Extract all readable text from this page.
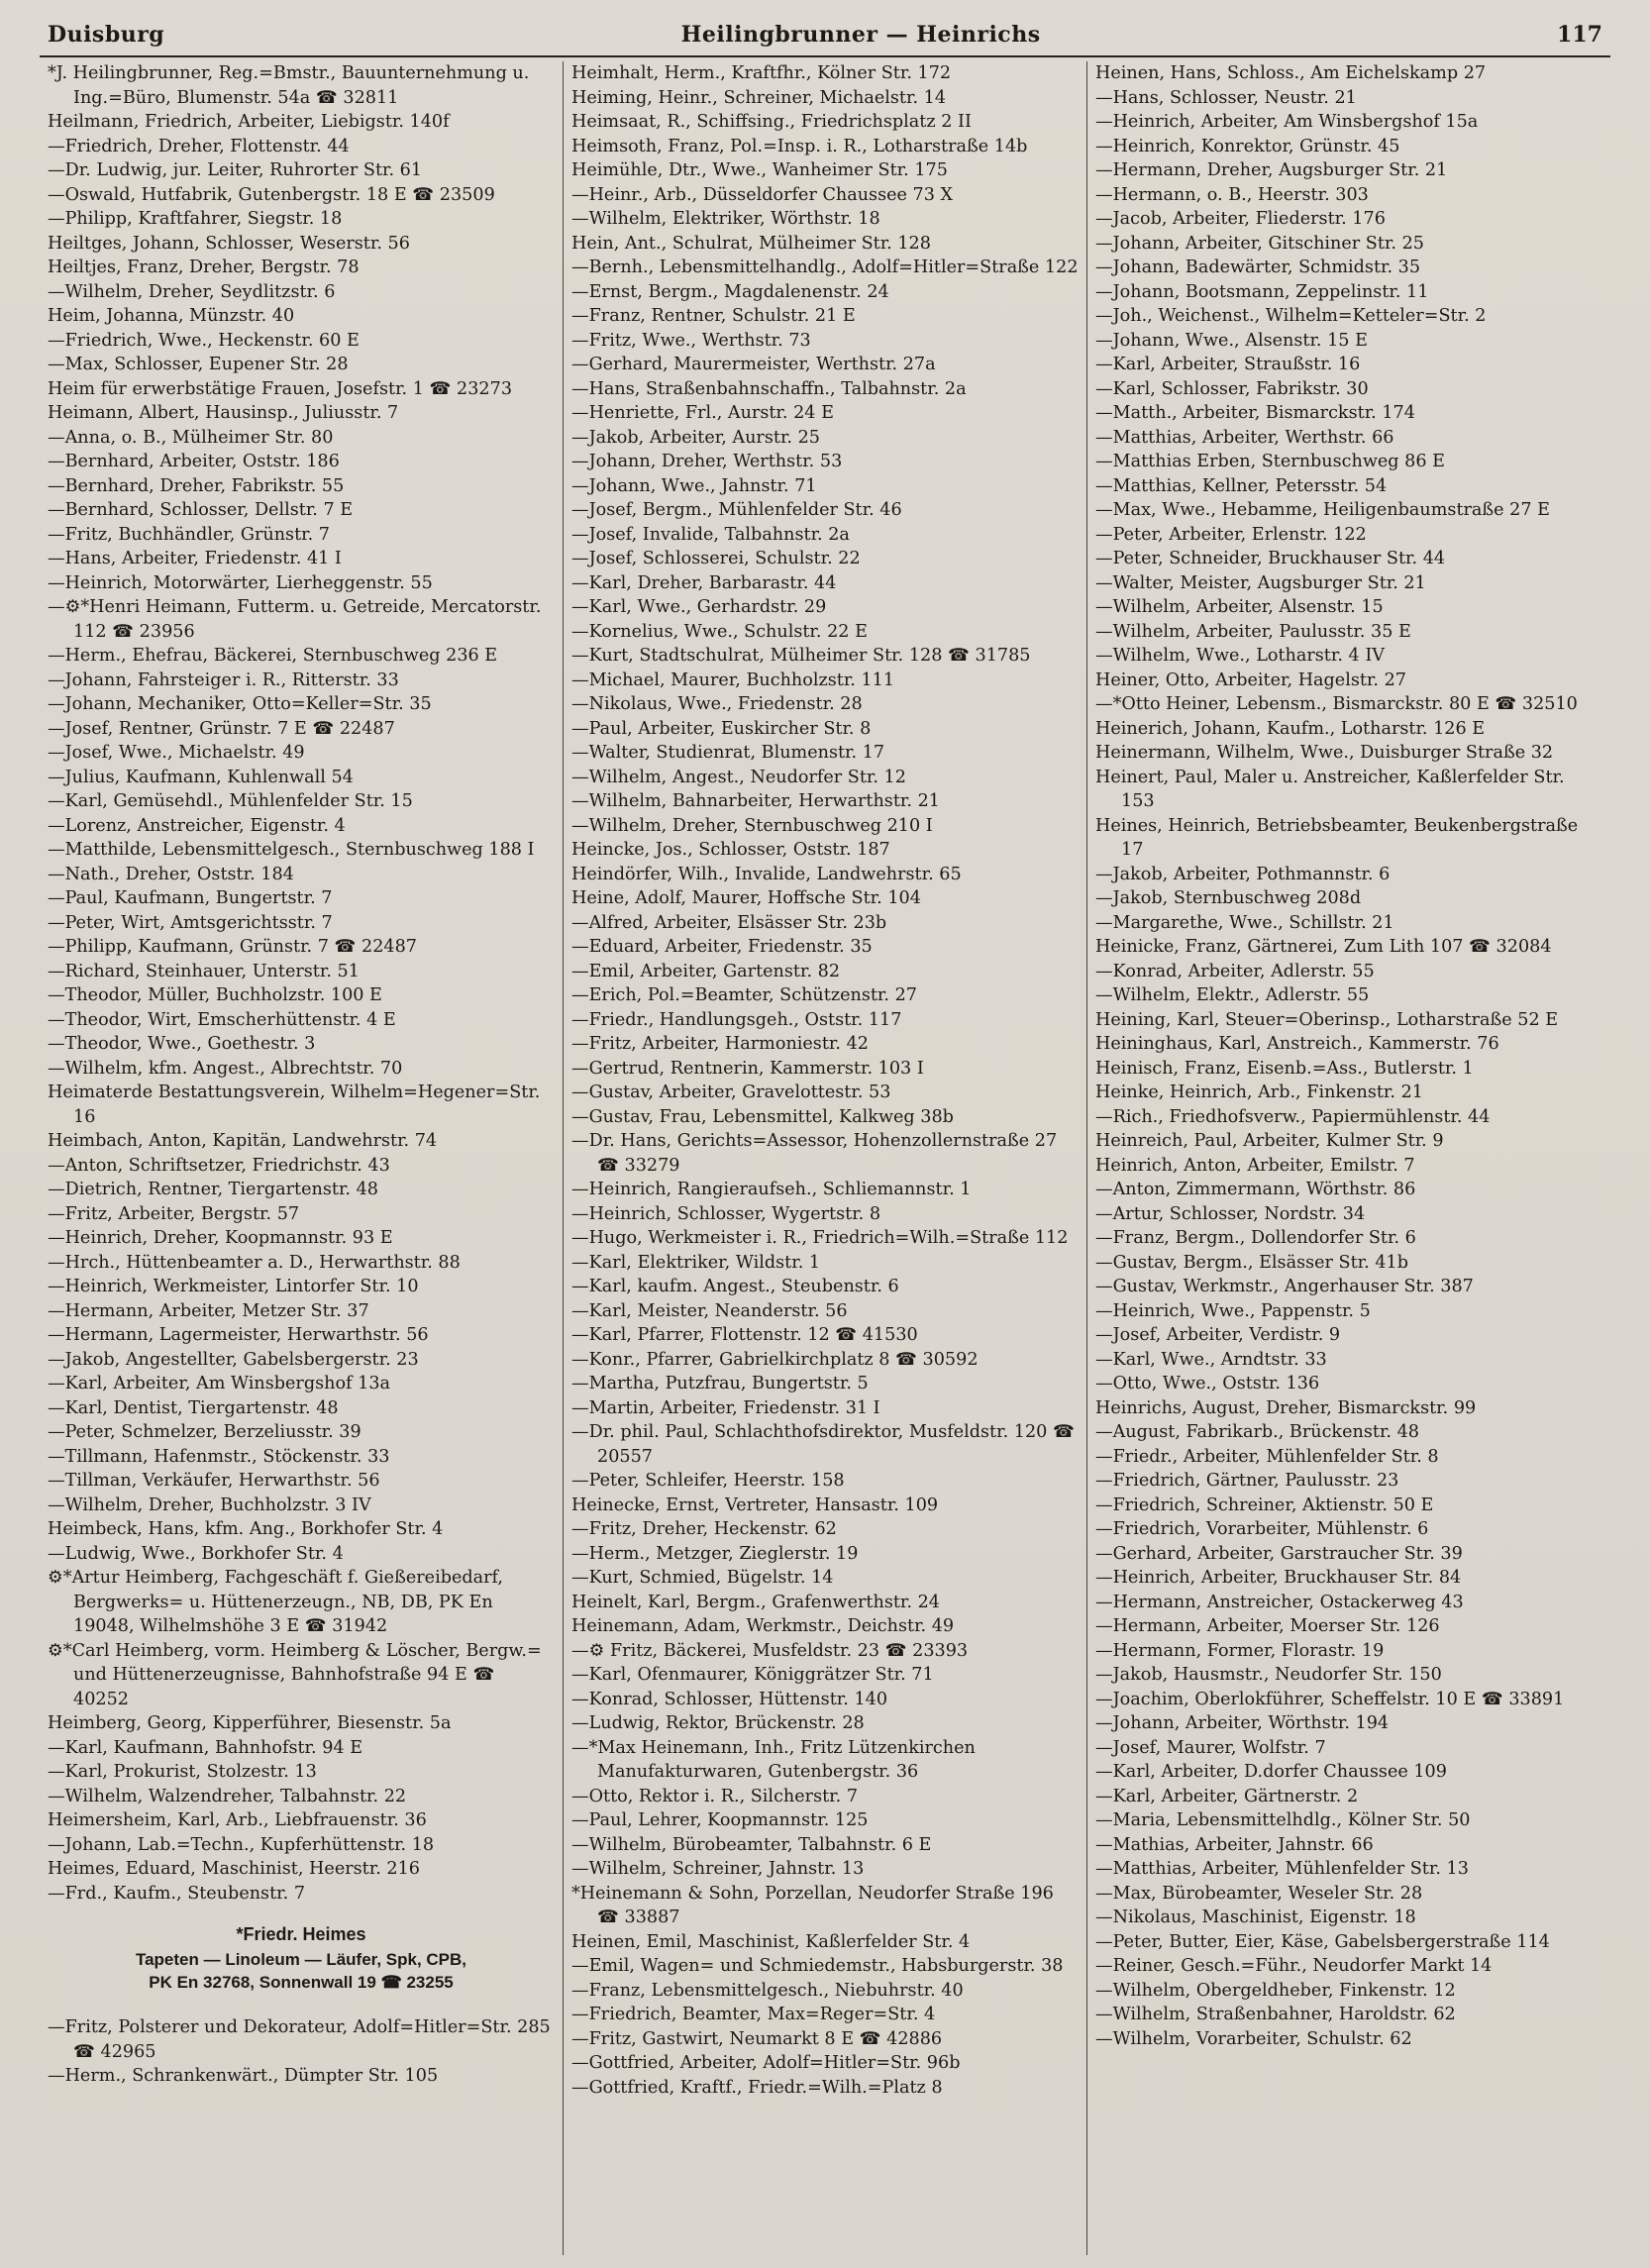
Duisburg	Heilingbrunner — Heinrichs	117
*J. Heilingbrunner, Reg.=Bmstr., Bauunternehmung u. Ing.=Büro, Blumenstr. 54a ☎ 32811
Heilmann, Friedrich, Arbeiter, Liebigstr. 140f
—Friedrich, Dreher, Flottenstr. 44
—Dr. Ludwig, jur. Leiter, Ruhrorter Str. 61
—Oswald, Hutfabrik, Gutenbergstr. 18 E ☎ 23509
—Philipp, Kraftfahrer, Siegstr. 18
Heiltges, Johann, Schlosser, Weserstr. 56
Heiltjes, Franz, Dreher, Bergstr. 78
—Wilhelm, Dreher, Seydlitzstr. 6
Heim, Johanna, Münzstr. 40
—Friedrich, Wwe., Heckenstr. 60 E
—Max, Schlosser, Eupener Str. 28
Heim für erwerbstätige Frauen, Josefstr. 1 ☎ 23273
Heimann, Albert, Hausinsp., Juliusstr. 7
—Anna, o. B., Mülheimer Str. 80
—Bernhard, Arbeiter, Oststr. 186
—Bernhard, Dreher, Fabrikstr. 55
—Bernhard, Schlosser, Dellstr. 7 E
—Fritz, Buchhändler, Grünstr. 7
—Hans, Arbeiter, Friedenstr. 41 I
—Heinrich, Motorwärter, Lierheggenstr. 55
—⚙*Henri Heimann, Futterm. u. Getreide, Mercatorstr. 112 ☎ 23956
—Herm., Ehefrau, Bäckerei, Sternbuschweg 236 E
—Johann, Fahrsteiger i. R., Ritterstr. 33
—Johann, Mechaniker, Otto=Keller=Str. 35
—Josef, Rentner, Grünstr. 7 E ☎ 22487
—Josef, Wwe., Michaelstr. 49
—Julius, Kaufmann, Kuhlenwall 54
—Karl, Gemüsehdl., Mühlenfelder Str. 15
—Lorenz, Anstreicher, Eigenstr. 4
—Matthilde, Lebensmittelgesch., Sternbuschweg 188 I
—Nath., Dreher, Oststr. 184
—Paul, Kaufmann, Bungertstr. 7
—Peter, Wirt, Amtsgerichtsstr. 7
—Philipp, Kaufmann, Grünstr. 7 ☎ 22487
—Richard, Steinhauer, Unterstr. 51
—Theodor, Müller, Buchholzstr. 100 E
—Theodor, Wirt, Emscherhüttenstr. 4 E
—Theodor, Wwe., Goethestr. 3
—Wilhelm, kfm. Angest., Albrechtstr. 70
Heimaterde Bestattungsverein, Wilhelm=Hegener=Str. 16
Heimbach, Anton, Kapitän, Landwehrstr. 74
—Anton, Schriftsetzer, Friedrichstr. 43
—Dietrich, Rentner, Tiergartenstr. 48
—Fritz, Arbeiter, Bergstr. 57
—Heinrich, Dreher, Koopmannstr. 93 E
—Hrch., Hüttenbeamter a. D., Herwarthstr. 88
—Heinrich, Werkmeister, Lintorfer Str. 10
—Hermann, Arbeiter, Metzer Str. 37
—Hermann, Lagermeister, Herwarthstr. 56
—Jakob, Angestellter, Gabelsbergerstr. 23
—Karl, Arbeiter, Am Winsbergshof 13a
—Karl, Dentist, Tiergartenstr. 48
—Peter, Schmelzer, Berzeliusstr. 39
—Tillmann, Hafenmstr., Stöckenstr. 33
—Tillman, Verkäufer, Herwarthstr. 56
—Wilhelm, Dreher, Buchholzstr. 3 IV
Heimbeck, Hans, kfm. Ang., Borkhofer Str. 4
—Ludwig, Wwe., Borkhofer Str. 4
⚙*Artur Heimberg, Fachgeschäft f. Gießereibedarf, Bergwerks= u. Hüttenerzeugn., NB, DB, PK En 19048, Wilhelmshöhe 3 E ☎ 31942
⚙*Carl Heimberg, vorm. Heimberg & Löscher, Bergw.= und Hüttenerzeugnisse, Bahnhofstraße 94 E ☎ 40252
Heimberg, Georg, Kipperführer, Biesenstr. 5a
—Karl, Kaufmann, Bahnhofstr. 94 E
—Karl, Prokurist, Stolzestr. 13
—Wilhelm, Walzendreher, Talbahnstr. 22
Heimersheim, Karl, Arb., Liebfrauenstr. 36
—Johann, Lab.=Techn., Kupferhüttenstr. 18
Heimes, Eduard, Maschinist, Heerstr. 216
—Frd., Kaufm., Steubenstr. 7
*Friedr. Heimes
Tapeten — Linoleum — Läufer, Spk, CPB,
PK En 32768, Sonnenwall 19 ☎ 23255
—Fritz, Polsterer und Dekorateur, Adolf=Hitler=Str. 285 ☎ 42965
—Herm., Schrankenwärt., Dümpter Str. 105
Heimhalt, Herm., Kraftfhr., Kölner Str. 172
Heiming, Heinr., Schreiner, Michaelstr. 14
Heimsaat, R., Schiffsing., Friedrichsplatz 2 II
Heimsoth, Franz, Pol.=Insp. i. R., Lotharstraße 14b
Heimühle, Dtr., Wwe., Wanheimer Str. 175
—Heinr., Arb., Düsseldorfer Chaussee 73 X
—Wilhelm, Elektriker, Wörthstr. 18
Hein, Ant., Schulrat, Mülheimer Str. 128
—Bernh., Lebensmittelhandlg., Adolf=Hitler=Straße 122
—Ernst, Bergm., Magdalenenstr. 24
—Franz, Rentner, Schulstr. 21 E
—Fritz, Wwe., Werthstr. 73
—Gerhard, Maurermeister, Werthstr. 27a
—Hans, Straßenbahnschaffn., Talbahnstr. 2a
—Henriette, Frl., Aurstr. 24 E
—Jakob, Arbeiter, Aurstr. 25
—Johann, Dreher, Werthstr. 53
—Johann, Wwe., Jahnstr. 71
—Josef, Bergm., Mühlenfelder Str. 46
—Josef, Invalide, Talbahnstr. 2a
—Josef, Schlosserei, Schulstr. 22
—Karl, Dreher, Barbarastr. 44
—Karl, Wwe., Gerhardstr. 29
—Kornelius, Wwe., Schulstr. 22 E
—Kurt, Stadtschulrat, Mülheimer Str. 128 ☎ 31785
—Michael, Maurer, Buchholzstr. 111
—Nikolaus, Wwe., Friedenstr. 28
—Paul, Arbeiter, Euskircher Str. 8
—Walter, Studienrat, Blumenstr. 17
—Wilhelm, Angest., Neudorfer Str. 12
—Wilhelm, Bahnarbeiter, Herwarthstr. 21
—Wilhelm, Dreher, Sternbuschweg 210 I
Heincke, Jos., Schlosser, Oststr. 187
Heindörfer, Wilh., Invalide, Landwehrstr. 65
Heine, Adolf, Maurer, Hoffsche Str. 104
—Alfred, Arbeiter, Elsässer Str. 23b
—Eduard, Arbeiter, Friedenstr. 35
—Emil, Arbeiter, Gartenstr. 82
—Erich, Pol.=Beamter, Schützenstr. 27
—Friedr., Handlungsgeh., Oststr. 117
—Fritz, Arbeiter, Harmoniestr. 42
—Gertrud, Rentnerin, Kammerstr. 103 I
—Gustav, Arbeiter, Gravelottestr. 53
—Gustav, Frau, Lebensmittel, Kalkweg 38b
—Dr. Hans, Gerichts=Assessor, Hohenzollernstraße 27 ☎ 33279
—Heinrich, Rangieraufseh., Schliemannstr. 1
—Heinrich, Schlosser, Wygertstr. 8
—Hugo, Werkmeister i. R., Friedrich=Wilh.=Straße 112
—Karl, Elektriker, Wildstr. 1
—Karl, kaufm. Angest., Steubenstr. 6
—Karl, Meister, Neanderstr. 56
—Karl, Pfarrer, Flottenstr. 12 ☎ 41530
—Konr., Pfarrer, Gabrielkirchplatz 8 ☎ 30592
—Martha, Putzfrau, Bungertstr. 5
—Martin, Arbeiter, Friedenstr. 31 I
—Dr. phil. Paul, Schlachthofsdirektor, Musfeldstr. 120 ☎ 20557
—Peter, Schleifer, Heerstr. 158
Heinecke, Ernst, Vertreter, Hansastr. 109
—Fritz, Dreher, Heckenstr. 62
—Herm., Metzger, Zieglerstr. 19
—Kurt, Schmied, Bügelstr. 14
Heinelt, Karl, Bergm., Grafenwerthstr. 24
Heinemann, Adam, Werkmstr., Deichstr. 49
—⚙ Fritz, Bäckerei, Musfeldstr. 23 ☎ 23393
—Karl, Ofenmaurer, Königgrätzer Str. 71
—Konrad, Schlosser, Hüttenstr. 140
—Ludwig, Rektor, Brückenstr. 28
—*Max Heinemann, Inh., Fritz Lützenkirchen Manufakturwaren, Gutenbergstr. 36
—Otto, Rektor i. R., Silcherstr. 7
—Paul, Lehrer, Koopmannstr. 125
—Wilhelm, Bürobeamter, Talbahnstr. 6 E
—Wilhelm, Schreiner, Jahnstr. 13
*Heinemann & Sohn, Porzellan, Neudorfer Straße 196 ☎ 33887
Heinen, Emil, Maschinist, Kaßlerfelder Str. 4
—Emil, Wagen= und Schmiedemstr., Habsburgerstr. 38
—Franz, Lebensmittelgesch., Niebuhrstr. 40
—Friedrich, Beamter, Max=Reger=Str. 4
—Fritz, Gastwirt, Neumarkt 8 E ☎ 42886
—Gottfried, Arbeiter, Adolf=Hitler=Str. 96b
—Gottfried, Kraftf., Friedr.=Wilh.=Platz 8
Heinen, Hans, Schloss., Am Eichelskamp 27
—Hans, Schlosser, Neustr. 21
—Heinrich, Arbeiter, Am Winsbergshof 15a
—Heinrich, Konrektor, Grünstr. 45
—Hermann, Dreher, Augsburger Str. 21
—Hermann, o. B., Heerstr. 303
—Jacob, Arbeiter, Fliederstr. 176
—Johann, Arbeiter, Gitschiner Str. 25
—Johann, Badewärter, Schmidstr. 35
—Johann, Bootsmann, Zeppelinstr. 11
—Joh., Weichenst., Wilhelm=Ketteler=Str. 2
—Johann, Wwe., Alsenstr. 15 E
—Karl, Arbeiter, Straußstr. 16
—Karl, Schlosser, Fabrikstr. 30
—Matth., Arbeiter, Bismarckstr. 174
—Matthias, Arbeiter, Werthstr. 66
—Matthias Erben, Sternbuschweg 86 E
—Matthias, Kellner, Petersstr. 54
—Max, Wwe., Hebamme, Heiligenbaumstraße 27 E
—Peter, Arbeiter, Erlenstr. 122
—Peter, Schneider, Bruckhauser Str. 44
—Walter, Meister, Augsburger Str. 21
—Wilhelm, Arbeiter, Alsenstr. 15
—Wilhelm, Arbeiter, Paulusstr. 35 E
—Wilhelm, Wwe., Lotharstr. 4 IV
Heiner, Otto, Arbeiter, Hagelstr. 27
—*Otto Heiner, Lebensm., Bismarckstr. 80 E ☎ 32510
Heinerich, Johann, Kaufm., Lotharstr. 126 E
Heinermann, Wilhelm, Wwe., Duisburger Straße 32
Heinert, Paul, Maler u. Anstreicher, Kaßlerfelder Str. 153
Heines, Heinrich, Betriebsbeamter, Beukenbergstraße 17
—Jakob, Arbeiter, Pothmannstr. 6
—Jakob, Sternbuschweg 208d
—Margarethe, Wwe., Schillstr. 21
Heinicke, Franz, Gärtnerei, Zum Lith 107 ☎ 32084
—Konrad, Arbeiter, Adlerstr. 55
—Wilhelm, Elektr., Adlerstr. 55
Heining, Karl, Steuer=Oberinsp., Lotharstraße 52 E
Heininghaus, Karl, Anstreich., Kammerstr. 76
Heinisch, Franz, Eisenb.=Ass., Butlerstr. 1
Heinke, Heinrich, Arb., Finkenstr. 21
—Rich., Friedhofsverw., Papiermühlenstr. 44
Heinreich, Paul, Arbeiter, Kulmer Str. 9
Heinrich, Anton, Arbeiter, Emilstr. 7
—Anton, Zimmermann, Wörthstr. 86
—Artur, Schlosser, Nordstr. 34
—Franz, Bergm., Dollendorfer Str. 6
—Gustav, Bergm., Elsässer Str. 41b
—Gustav, Werkmstr., Angerhauser Str. 387
—Heinrich, Wwe., Pappenstr. 5
—Josef, Arbeiter, Verdistr. 9
—Karl, Wwe., Arndtstr. 33
—Otto, Wwe., Oststr. 136
Heinrichs, August, Dreher, Bismarckstr. 99
—August, Fabrikarb., Brückenstr. 48
—Friedr., Arbeiter, Mühlenfelder Str. 8
—Friedrich, Gärtner, Paulusstr. 23
—Friedrich, Schreiner, Aktienstr. 50 E
—Friedrich, Vorarbeiter, Mühlenstr. 6
—Gerhard, Arbeiter, Garstraucher Str. 39
—Heinrich, Arbeiter, Bruckhauser Str. 84
—Hermann, Anstreicher, Ostackerweg 43
—Hermann, Arbeiter, Moerser Str. 126
—Hermann, Former, Florastr. 19
—Jakob, Hausmstr., Neudorfer Str. 150
—Joachim, Oberlokführer, Scheffelstr. 10 E ☎ 33891
—Johann, Arbeiter, Wörthstr. 194
—Josef, Maurer, Wolfstr. 7
—Karl, Arbeiter, D.dorfer Chaussee 109
—Karl, Arbeiter, Gärtnerstr. 2
—Maria, Lebensmittelhdlg., Kölner Str. 50
—Mathias, Arbeiter, Jahnstr. 66
—Matthias, Arbeiter, Mühlenfelder Str. 13
—Max, Bürobeamter, Weseler Str. 28
—Nikolaus, Maschinist, Eigenstr. 18
—Peter, Butter, Eier, Käse, Gabelsbergerstraße 114
—Reiner, Gesch.=Führ., Neudorfer Markt 14
—Wilhelm, Obergeldheber, Finkenstr. 12
—Wilhelm, Straßenbahner, Haroldstr. 62
—Wilhelm, Vorarbeiter, Schulstr. 62
